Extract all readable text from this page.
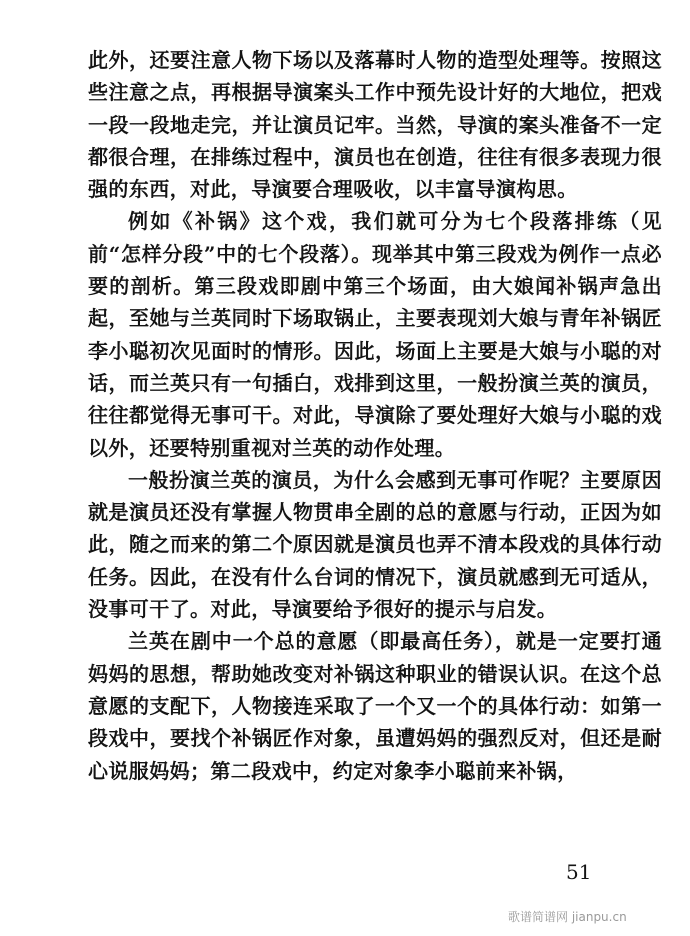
此外，还要注意人物下场以及落幕时人物的造型处理等。按照这些注意之点，再根据导演案头工作中预先设计好的大地位，把戏一段一段地走完，并让演员记牢。当然，导演的案头准备不一定都很合理，在排练过程中，演员也在创造，往往有很多表现力很强的东西，对此，导演要合理吸收，以丰富导演构思。

例如《补锅》这个戏，我们就可分为七个段落排练（见前“怎样分段”中的七个段落）。现举其中第三段戏为例作一点必要的剖析。第三段戏即剧中第三个场面，由大娘闻补锅声急出起，至她与兰英同时下场取锅止，主要表现刘大娘与青年补锅匠李小聪初次见面时的情形。因此，场面上主要是大娘与小聪的对话，而兰英只有一句插白，戏排到这里，一般扮演兰英的演员，往往都觉得无事可干。对此，导演除了要处理好大娘与小聪的戏以外，还要特别重视对兰英的动作处理。

一般扮演兰英的演员，为什么会感到无事可作呢？主要原因就是演员还没有掌握人物贯串全剧的总的意愿与行动，正因为如此，随之而来的第二个原因就是演员也弄不清本段戏的具体行动任务。因此，在没有什么台词的情况下，演员就感到无可适从，没事可干了。对此，导演要给予很好的提示与启发。

兰英在剧中一个总的意愿（即最高任务），就是一定要打通妈妈的思想，帮助她改变对补锅这种职业的错误认识。在这个总意愿的支配下，人物接连采取了一个又一个的具体行动：如第一段戏中，要找个补锅匠作对象，虽遭妈妈的强烈反对，但还是耐心说服妈妈；第二段戏中，约定对象李小聪前来补锅，

51
歌谱简谱网 jianpu.cn
